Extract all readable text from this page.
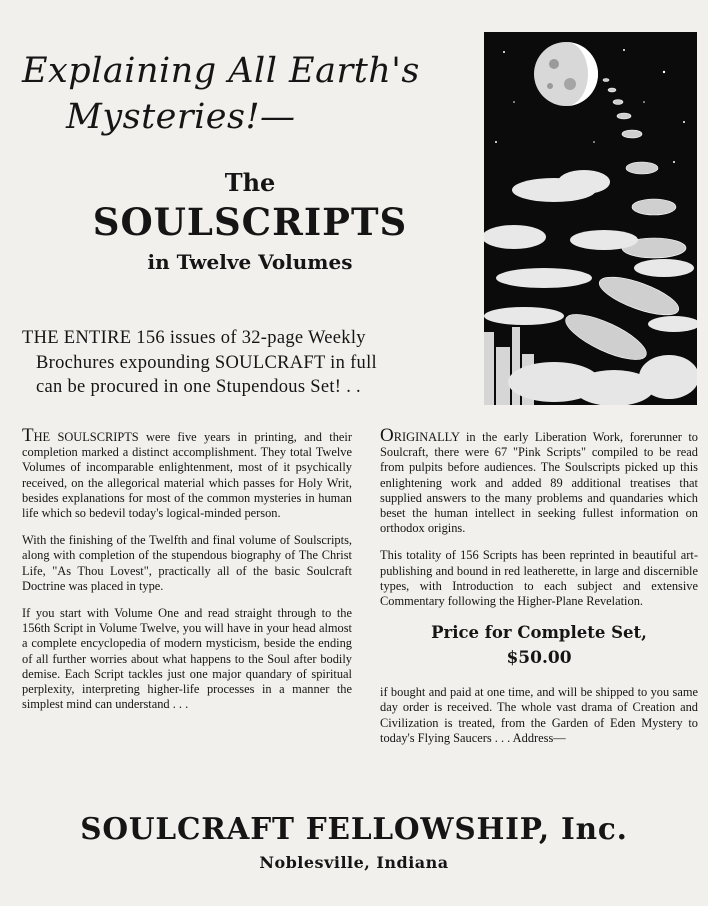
Explaining All Earth's
Mysteries!—
The
SOULSCRIPTS
in Twelve Volumes
THE ENTIRE 156 issues of 32-page Weekly
Brochures expounding SOULCRAFT in full
can be procured in one Stupendous Set! . .

THE SOULSCRIPTS were five years in printing, and their completion marked a distinct accomplishment. They total Twelve Volumes of incomparable enlightenment, most of it psychically received, on the allegorical material which passes for Holy Writ, besides explanations for most of the common mysteries in human life which so bedevil today's logical-minded person.

With the finishing of the Twelfth and final volume of Soulscripts, along with completion of the stupendous biography of The Christ Life, "As Thou Lovest", practically all of the basic Soulcraft Doctrine was placed in type.

If you start with Volume One and read straight through to the 156th Script in Volume Twelve, you will have in your head almost a complete encyclopedia of modern mysticism, beside the ending of all further worries about what happens to the Soul after bodily demise. Each Script tackles just one major quandary of spiritual perplexity, interpreting higher-life processes in a manner the simplest mind can understand . . .

ORIGINALLY in the early Liberation Work, forerunner to Soulcraft, there were 67 "Pink Scripts" compiled to be read from pulpits before audiences. The Soulscripts picked up this enlightening work and added 89 additional treatises that supplied answers to the many problems and quandaries which beset the human intellect in seeking fullest information on orthodox origins.

This totality of 156 Scripts has been reprinted in beautiful art-publishing and bound in red leatherette, in large and discernible types, with Introduction to each subject and extensive Commentary following the Higher-Plane Revelation.

Price for Complete Set,
$50.00

if bought and paid at one time, and will be shipped to you same day order is received. The whole vast drama of Creation and Civilization is treated, from the Garden of Eden Mystery to today's Flying Saucers . . . Address—

SOULCRAFT FELLOWSHIP, Inc.
Noblesville, Indiana
